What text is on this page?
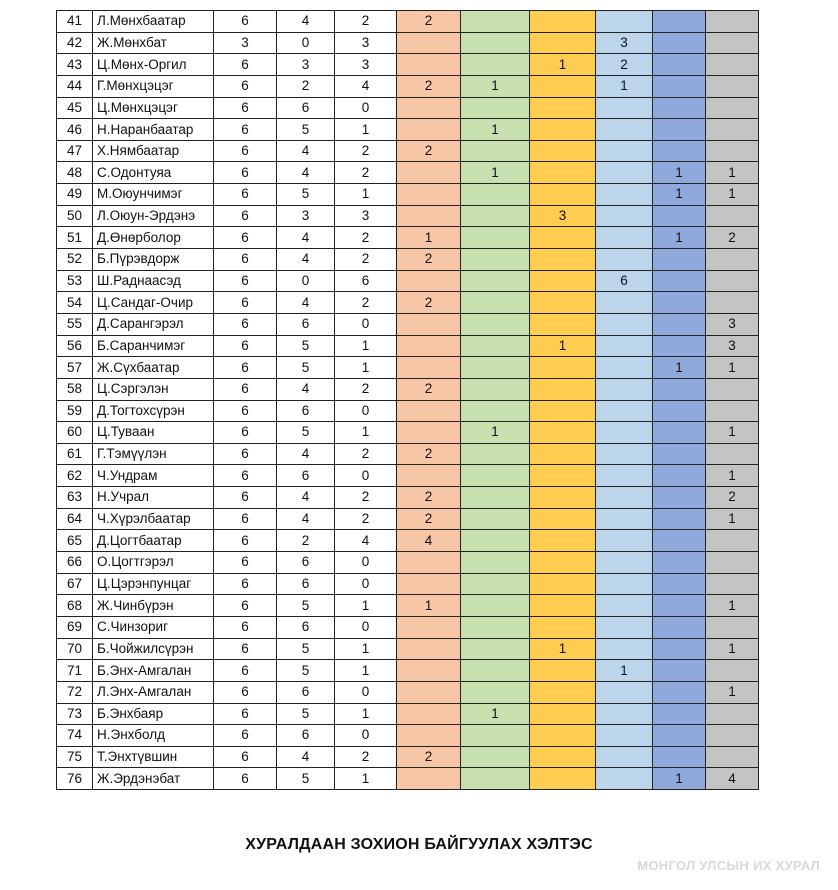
41	Л.Мөнхбаатар	6	4	2	2					
42	Ж.Мөнхбат	3	0	3				3		
43	Ц.Мөнх-Оргил	6	3	3			1	2		
44	Г.Мөнхцэцэг	6	2	4	2	1		1		
45	Ц.Мөнхцэцэг	6	6	0						
46	Н.Наранбаатар	6	5	1		1				
47	Х.Нямбаатар	6	4	2	2					
48	С.Одонтуяа	6	4	2		1			1	1
49	М.Оюунчимэг	6	5	1					1	1
50	Л.Оюун-Эрдэнэ	6	3	3			3			
51	Д.Өнөрболор	6	4	2	1				1	2
52	Б.Пүрэвдорж	6	4	2	2					
53	Ш.Раднаасэд	6	0	6				6		
54	Ц.Сандаг-Очир	6	4	2	2					
55	Д.Сарангэрэл	6	6	0						3
56	Б.Саранчимэг	6	5	1			1			3
57	Ж.Сүхбаатар	6	5	1					1	1
58	Ц.Сэргэлэн	6	4	2	2					
59	Д.Тогтохсүрэн	6	6	0						
60	Ц.Туваан	6	5	1		1				1
61	Г.Тэмүүлэн	6	4	2	2					
62	Ч.Ундрам	6	6	0						1
63	Н.Учрал	6	4	2	2					2
64	Ч.Хүрэлбаатар	6	4	2	2					1
65	Д.Цогтбаатар	6	2	4	4					
66	О.Цогтгэрэл	6	6	0						
67	Ц.Цэрэнпунцаг	6	6	0						
68	Ж.Чинбүрэн	6	5	1	1					1
69	С.Чинзориг	6	6	0						
70	Б.Чойжилсүрэн	6	5	1			1			1
71	Б.Энх-Амгалан	6	5	1				1		
72	Л.Энх-Амгалан	6	6	0						1
73	Б.Энхбаяр	6	5	1		1				
74	Н.Энхболд	6	6	0						
75	Т.Энхтүвшин	6	4	2	2					
76	Ж.Эрдэнэбат	6	5	1					1	4
ХУРАЛДААН ЗОХИОН БАЙГУУЛАХ ХЭЛТЭС
МОНГОЛ УЛСЫН ИХ ХУРАЛ
